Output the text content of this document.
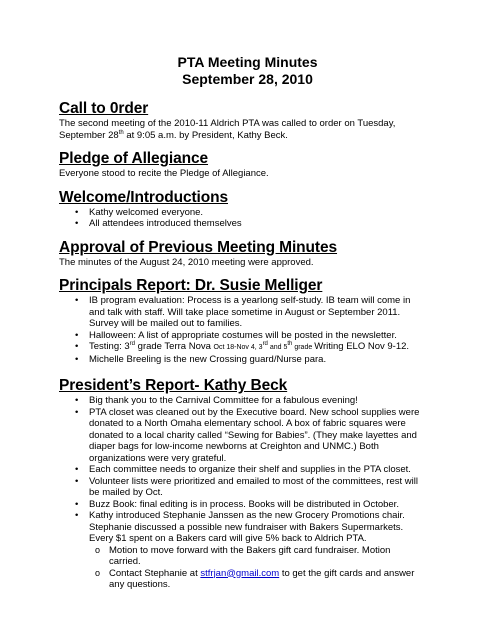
PTA Meeting Minutes
September 28, 2010
Call to 0rder

The second meeting of the 2010-11 Aldrich PTA was called to order on Tuesday,
September 28th at 9:05 a.m. by President, Kathy Beck.

Pledge of Allegiance

Everyone stood to recite the Pledge of Allegiance.

Welcome/Introductions
• Kathy welcomed everyone.
• All attendees introduced themselves
Approval of Previous Meeting Minutes

The minutes of the August 24, 2010 meeting were approved.

Principals Report: Dr. Susie Melliger
• IB program evaluation: Process is a yearlong self-study. IB team will come in
and talk with staff. Will take place sometime in August or September 2011.
Survey will be mailed out to families.
• Halloween: A list of appropriate costumes will be posted in the newsletter.
• Testing: 3rd grade Terra Nova Oct 18-Nov 4, 3rd and 5th grade Writing ELO Nov 9-12.
• Michelle Breeling is the new Crossing guard/Nurse para.
President’s Report- Kathy Beck
• Big thank you to the Carnival Committee for a fabulous evening!
• PTA closet was cleaned out by the Executive board. New school supplies were
donated to a North Omaha elementary school. A box of fabric squares were
donated to a local charity called “Sewing for Babies”. (They make layettes and
diaper bags for low-income newborns at Creighton and UNMC.) Both
organizations were very grateful.
• Each committee needs to organize their shelf and supplies in the PTA closet.
• Volunteer lists were prioritized and emailed to most of the committees, rest will
be mailed by Oct.
• Buzz Book: final editing is in process. Books will be distributed in October.
• Kathy introduced Stephanie Janssen as the new Grocery Promotions chair.
Stephanie discussed a possible new fundraiser with Bakers Supermarkets.
Every $1 spent on a Bakers card will give 5% back to Aldrich PTA.
o Motion to move forward with the Bakers gift card fundraiser. Motion
carried.
o Contact Stephanie at stfrjan@gmail.com to get the gift cards and answer
any questions.
